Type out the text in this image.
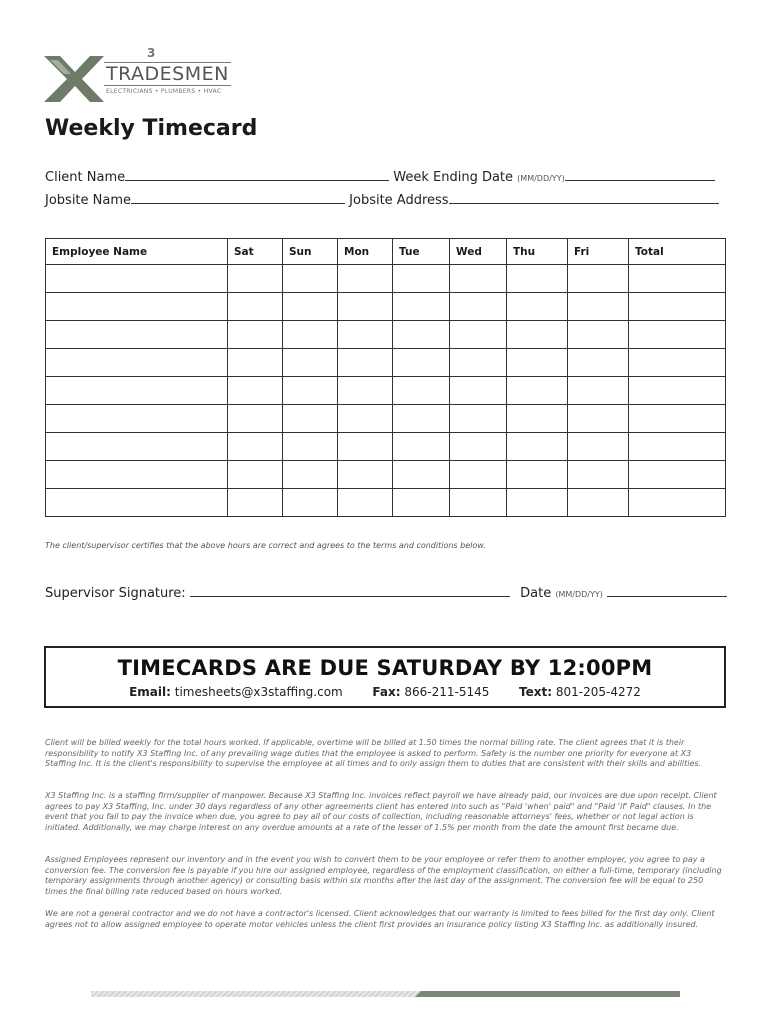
3
TRADESMEN
ELECTRICIANS • PLUMBERS • HVAC
Weekly Timecard
Client Name	Week Ending Date (MM/DD/YY)
Jobsite Name	Jobsite Address
Employee Name	Sat	Sun	Mon	Tue	Wed	Thu	Fri	Total

The client/supervisor certifies that the above hours are correct and agrees to the terms and conditions below.
Supervisor Signature:	Date (MM/DD/YY)
TIMECARDS ARE DUE SATURDAY BY 12:00PM
Email: timesheets@x3staffing.com Fax: 866-211-5145 Text: 801-205-4272

Client will be billed weekly for the total hours worked. If applicable, overtime will be billed at 1.50 times the normal billing rate. The client agrees that it is their responsibility to notify X3 Staffing Inc. of any prevailing wage duties that the employee is asked to perform. Safety is the number one priority for everyone at X3 Staffing Inc. It is the client's responsibility to supervise the employee at all times and to only assign them to duties that are consistent with their skills and abilities.

X3 Staffing Inc. is a staffing firm/supplier of manpower. Because X3 Staffing Inc. invoices reflect payroll we have already paid, our invoices are due upon receipt. Client agrees to pay X3 Staffing, Inc. under 30 days regardless of any other agreements client has entered into such as "Paid 'when' paid" and "Paid 'if' Paid" clauses. In the event that you fail to pay the invoice when due, you agree to pay all of our costs of collection, including reasonable attorneys' fees, whether or not legal action is initiated. Additionally, we may charge interest on any overdue amounts at a rate of the lesser of 1.5% per month from the date the amount first became due.

Assigned Employees represent our inventory and in the event you wish to convert them to be your employee or refer them to another employer, you agree to pay a conversion fee. The conversion fee is payable if you hire our assigned employee, regardless of the employment classification, on either a full-time, temporary (including temporary assignments through another agency) or consulting basis within six months after the last day of the assignment. The conversion fee will be equal to 250 times the final billing rate reduced based on hours worked.

We are not a general contractor and we do not have a contractor's licensed. Client acknowledges that our warranty is limited to fees billed for the first day only. Client agrees not to allow assigned employee to operate motor vehicles unless the client first provides an insurance policy listing X3 Staffing Inc. as additionally insured.
